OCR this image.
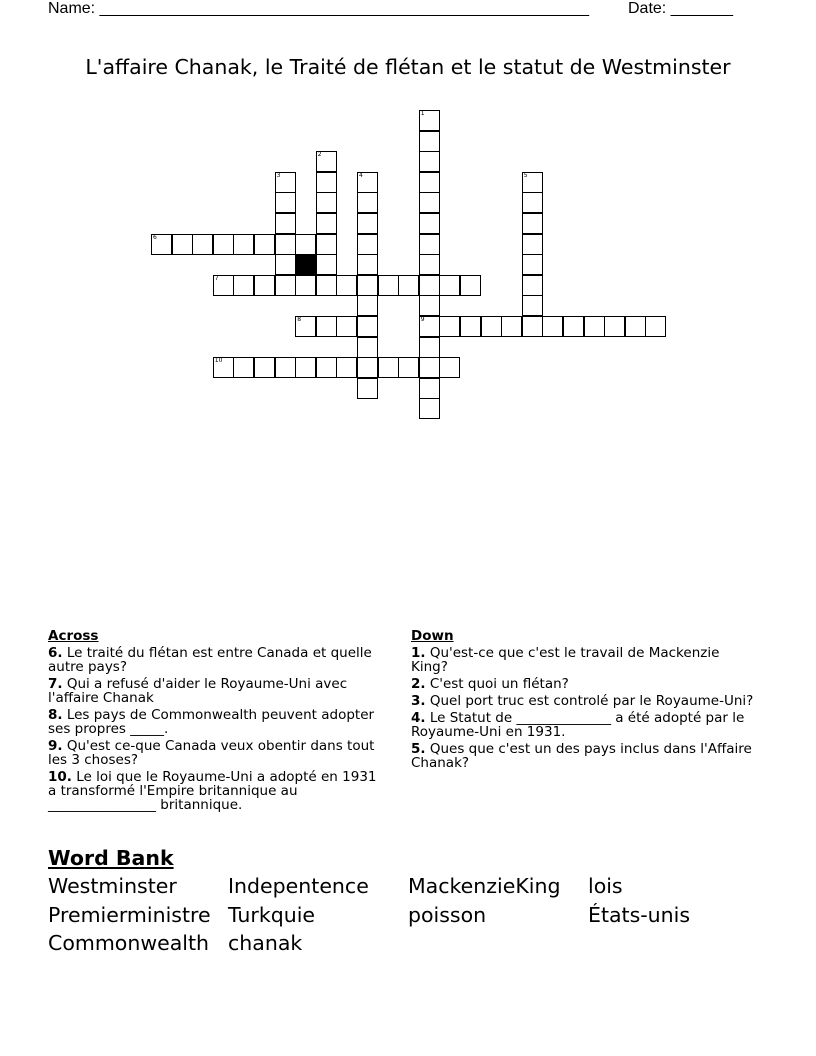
Name: _______________________________________________________ Date: _______
L'affaire Chanak, le Traité de flétan et le statut de Westminster
6
7
8	9
10
1
2
3	4	5
Across
6. Le traité du flétan est entre Canada et quelle autre pays?
7. Qui a refusé d'aider le Royaume-Uni avec l'affaire Chanak
8. Les pays de Commonwealth peuvent adopter ses propres _____.
9. Qu'est ce-que Canada veux obentir dans tout les 3 choses?
10. Le loi que le Royaume-Uni a adopté en 1931 a transformé l'Empire britannique au ________________ britannique.
Down
1. Qu'est-ce que c'est le travail de Mackenzie King?
2. C'est quoi un flétan?
3. Quel port truc est controlé par le Royaume-Uni?
4. Le Statut de ______________ a été adopté par le Royaume-Uni en 1931.
5. Ques que c'est un des pays inclus dans l'Affaire Chanak?
Word Bank
Westminster Indepentence MackenzieKing lois
Premierministre Turkquie	poisson	États-unis
Commonwealth chanak
